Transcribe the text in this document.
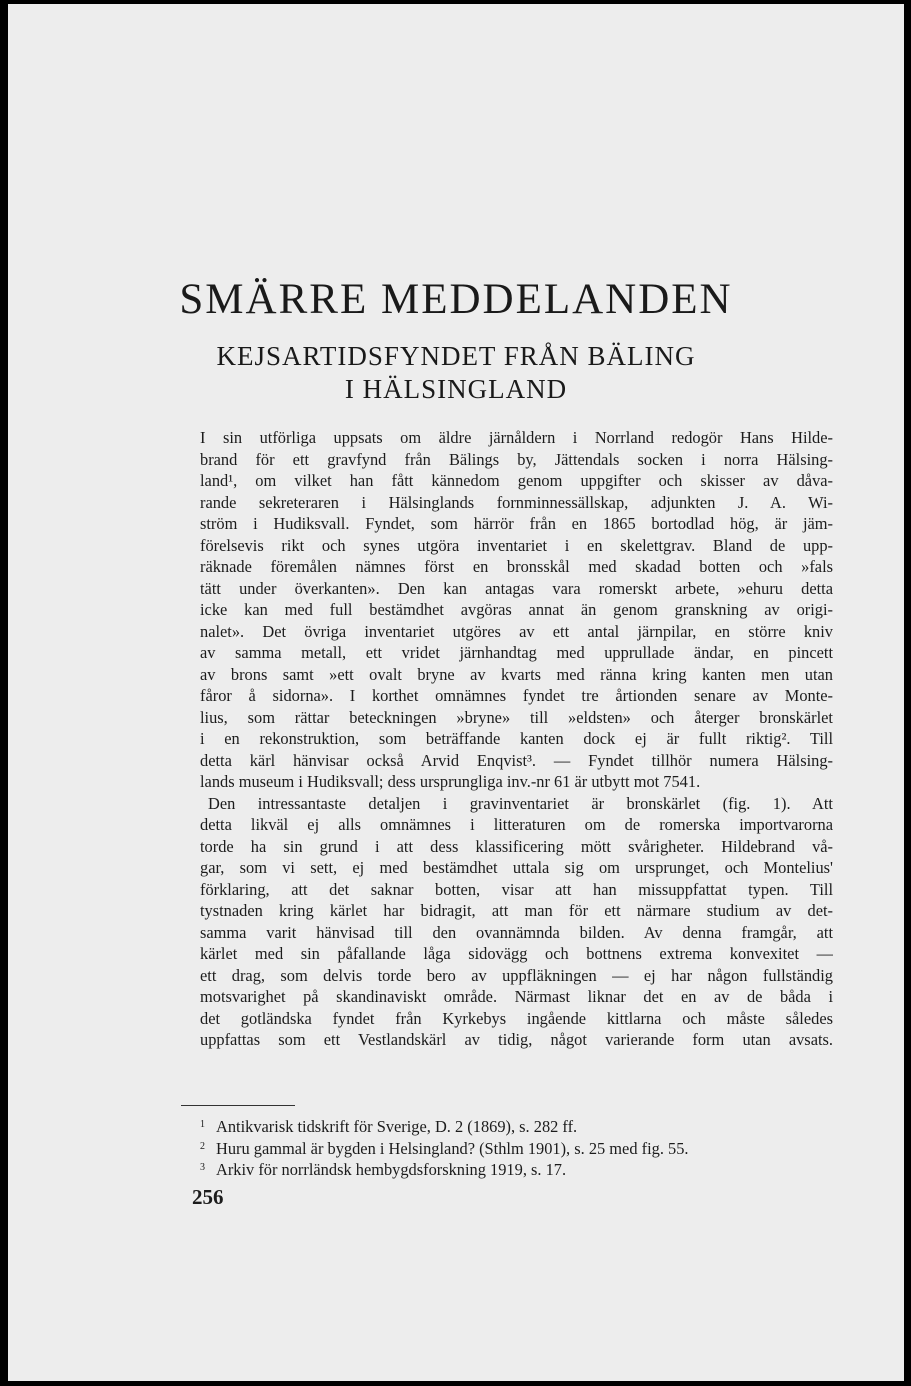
SMÄRRE MEDDELANDEN
KEJSARTIDSFYNDET FRÅN BÄLING
I HÄLSINGLAND
I sin utförliga uppsats om äldre järnåldern i Norrland redogör Hans Hilde-
brand för ett gravfynd från Bälings by, Jättendals socken i norra Hälsing-
land¹, om vilket han fått kännedom genom uppgifter och skisser av dåva-
rande sekreteraren i Hälsinglands fornminnessällskap, adjunkten J. A. Wi-
ström i Hudiksvall. Fyndet, som härrör från en 1865 bortodlad hög, är jäm-
förelsevis rikt och synes utgöra inventariet i en skelettgrav. Bland de upp-
räknade föremålen nämnes först en bronsskål med skadad botten och »fals
tätt under överkanten». Den kan antagas vara romerskt arbete, »ehuru detta
icke kan med full bestämdhet avgöras annat än genom granskning av origi-
nalet». Det övriga inventariet utgöres av ett antal järnpilar, en större kniv
av samma metall, ett vridet järnhandtag med upprullade ändar, en pincett
av brons samt »ett ovalt bryne av kvarts med ränna kring kanten men utan
fåror å sidorna». I korthet omnämnes fyndet tre årtionden senare av Monte-
lius, som rättar beteckningen »bryne» till »eldsten» och återger bronskärlet
i en rekonstruktion, som beträffande kanten dock ej är fullt riktig². Till
detta kärl hänvisar också Arvid Enqvist³. — Fyndet tillhör numera Hälsing-
lands museum i Hudiksvall; dess ursprungliga inv.-nr 61 är utbytt mot 7541.
Den intressantaste detaljen i gravinventariet är bronskärlet (fig. 1). Att
detta likväl ej alls omnämnes i litteraturen om de romerska importvarorna
torde ha sin grund i att dess klassificering mött svårigheter. Hildebrand vå-
gar, som vi sett, ej med bestämdhet uttala sig om ursprunget, och Montelius'
förklaring, att det saknar botten, visar att han missuppfattat typen. Till
tystnaden kring kärlet har bidragit, att man för ett närmare studium av det-
samma varit hänvisad till den ovannämnda bilden. Av denna framgår, att
kärlet med sin påfallande låga sidovägg och bottnens extrema konvexitet —
ett drag, som delvis torde bero av uppfläkningen — ej har någon fullständig
motsvarighet på skandinaviskt område. Närmast liknar det en av de båda i
det gotländska fyndet från Kyrkebys ingående kittlarna och måste således
uppfattas som ett Vestlandskärl av tidig, något varierande form utan avsats.
$^1$ Antikvarisk tidskrift för Sverige, D. 2 (1869), s. 282 ff.
$^2$ Huru gammal är bygden i Helsingland? (Sthlm 1901), s. 25 med fig. 55.
$^3$ Arkiv för norrländsk hembygdsforskning 1919, s. 17.
256
